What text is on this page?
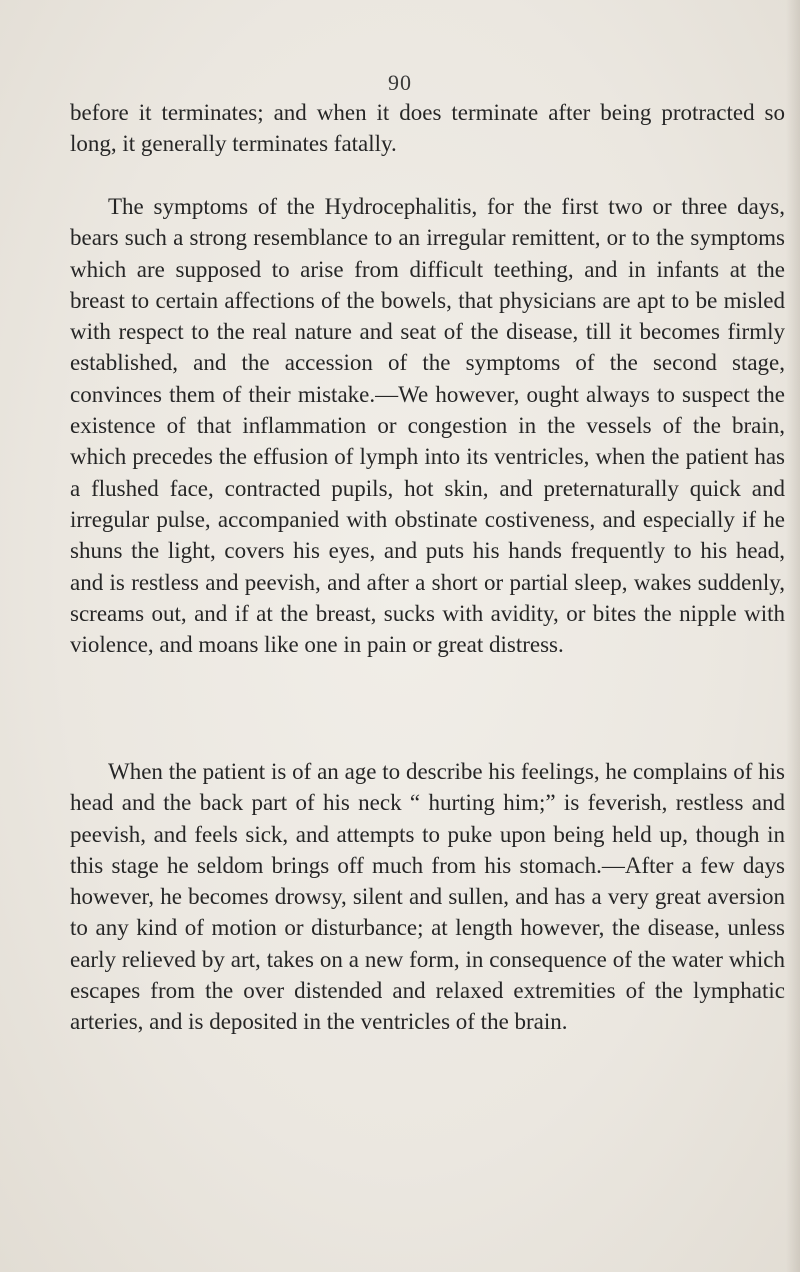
90

before it terminates; and when it does terminate after being protracted so long, it generally terminates fatally.

The symptoms of the Hydrocephalitis, for the first two or three days, bears such a strong resemblance to an irregular remittent, or to the symptoms which are supposed to arise from difficult teething, and in infants at the breast to certain affections of the bowels, that physicians are apt to be misled with respect to the real nature and seat of the disease, till it becomes firmly established, and the accession of the symptoms of the second stage, convinces them of their mistake.—We however, ought always to suspect the existence of that inflammation or congestion in the vessels of the brain, which precedes the effusion of lymph into its ventricles, when the patient has a flushed face, contracted pupils, hot skin, and preternaturally quick and irregular pulse, accompanied with obstinate costiveness, and especially if he shuns the light, covers his eyes, and puts his hands frequently to his head, and is restless and peevish, and after a short or partial sleep, wakes suddenly, screams out, and if at the breast, sucks with avidity, or bites the nipple with violence, and moans like one in pain or great distress.

When the patient is of an age to describe his feelings, he complains of his head and the back part of his neck “ hurting him;” is feverish, restless and peevish, and feels sick, and attempts to puke upon being held up, though in this stage he seldom brings off much from his stomach.—After a few days however, he becomes drowsy, silent and sullen, and has a very great aversion to any kind of motion or disturbance; at length however, the disease, unless early relieved by art, takes on a new form, in consequence of the water which escapes from the over distended and relaxed extremities of the lymphatic arteries, and is deposited in the ventricles of the brain.
